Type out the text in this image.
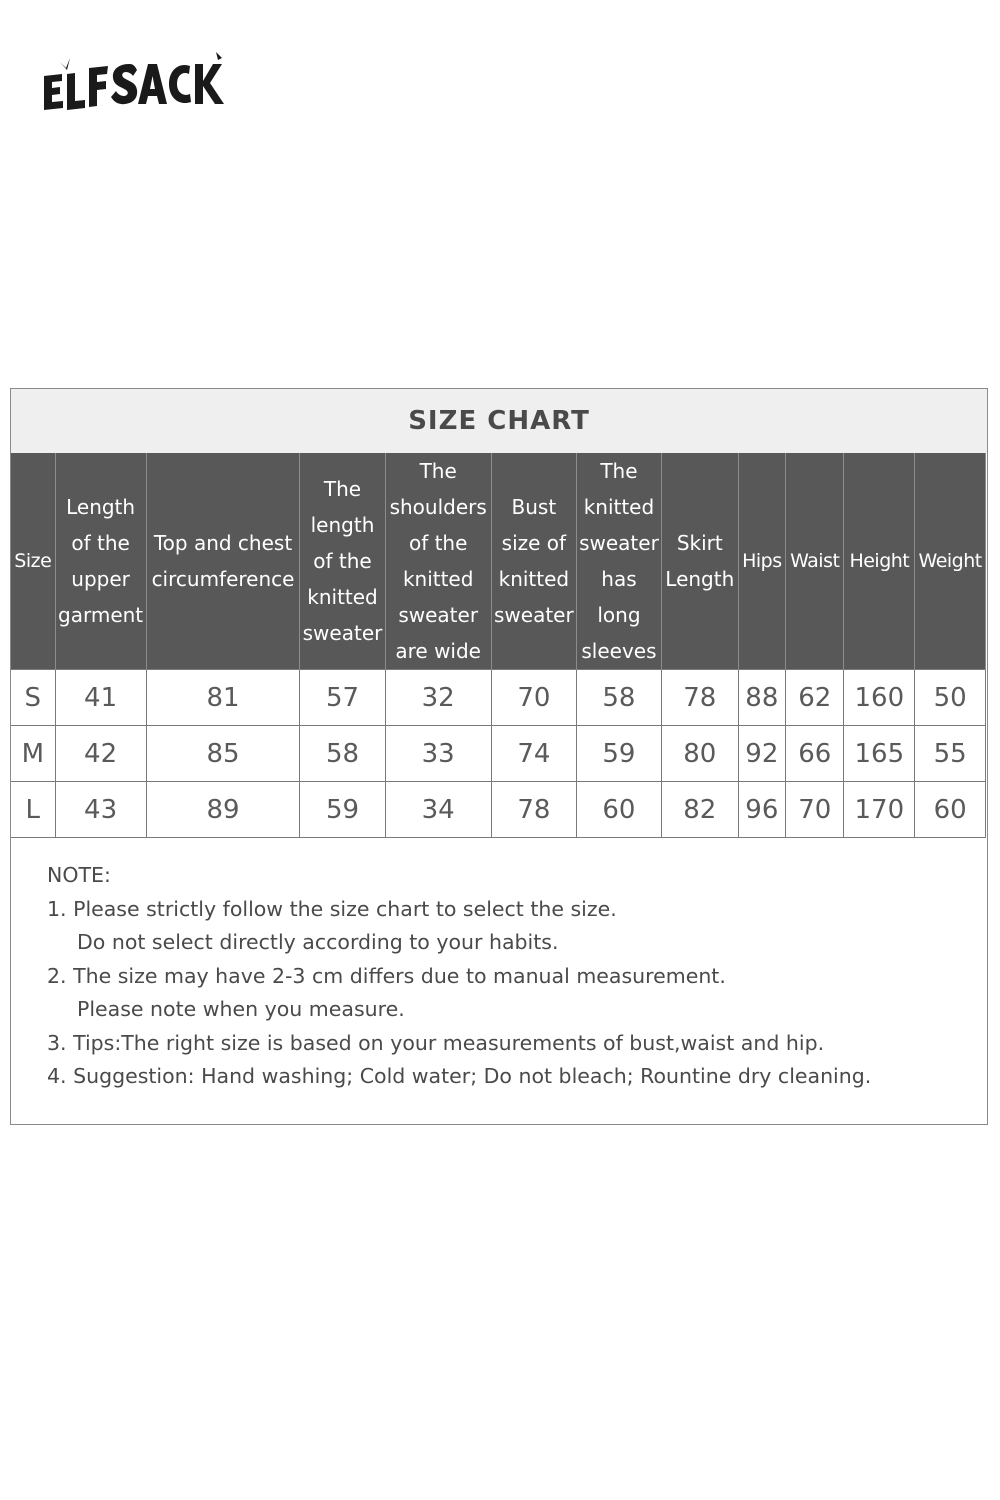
SIZE CHART
Size	Length of the upper garment	Top and chest circumference	The length of the knitted sweater	The shoulders of the knitted sweater are wide	Bust size of knitted sweater	The knitted sweater has long sleeves	Skirt Length	Hips	Waist	Height	Weight
S	41	81	57	32	70	58	78	88	62	160	50
M	42	85	58	33	74	59	80	92	66	165	55
L	43	89	59	34	78	60	82	96	70	170	60
NOTE:
1. Please strictly follow the size chart to select the size.
Do not select directly according to your habits.
2. The size may have 2-3 cm differs due to manual measurement.
Please note when you measure.
3. Tips:The right size is based on your measurements of bust,waist and hip.
4. Suggestion: Hand washing; Cold water; Do not bleach; Rountine dry cleaning.
